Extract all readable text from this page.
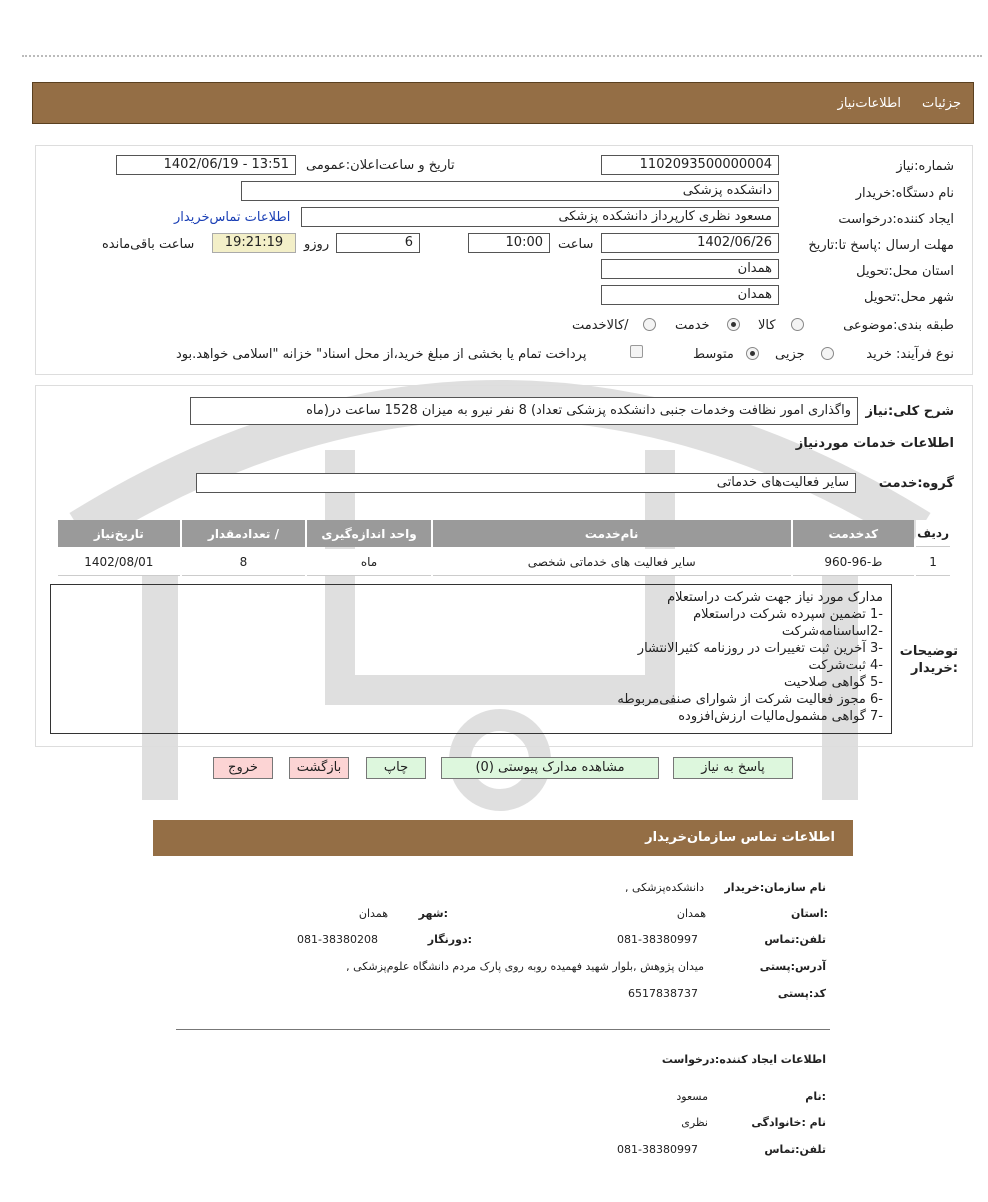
جزئیات
اطلاعات‌نیاز
شماره:نیاز
1102093500000004
تاریخ و ساعت‌اعلان:عمومی
1402/06/19 - 13:51
نام دستگاه:خریدار
دانشکده پزشکی
ایجاد کننده:درخواست
مسعود نظری کارپرداز دانشکده پزشکی
اطلاعات تماس‌خریدار
مهلت ارسال :پاسخ تا:تاریخ
1402/06/26
ساعت
10:00
6
روزو
19:21:19
ساعت باقی‌مانده
استان محل:تحویل
همدان
شهر محل:تحویل
همدان
طبقه بندی:موضوعی
کالا
خدمت
/کالاخدمت
نوع فرآیند: خرید
جزیی
متوسط
پرداخت تمام یا بخشی از مبلغ خرید،از محل اسناد" خزانه "اسلامی خواهد.بود
شرح کلی:نیاز
واگذاری امور نظافت وخدمات جنبی دانشکده پزشکی تعداد) 8 نفر نیرو به میزان 1528 ساعت در(ماه
اطلاعات خدمات موردنیاز
گروه:خدمت
سایر فعالیت‌های خدماتی
ردیف	کدخدمت	نام‌خدمت	واحد اندازه‌گیری	/ تعدادمقدار	تاریخ‌نیاز
1	ط-96-960	سایر فعالیت های خدماتی شخصی	ماه	8	1402/08/01
توضیحات :خریدار
مدارک مورد نیاز جهت شرکت دراستعلام
-1 تضمین سپرده شرکت دراستعلام
-2اساسنامه‌شرکت
-3 آخرین ثبت تغییرات در روزنامه کثیرالانتشار
-4 ثبت‌شرکت
-5 گواهی صلاحیت
-6 مجوز فعالیت شرکت از شوارای صنفی‌مربوطه
-7 گواهی مشمول‌مالیات ارزش‌افزوده
پاسخ به نیاز
مشاهده مدارک پیوستی (0)
چاپ
بازگشت
خروج
اطلاعات تماس سازمان‌خریدار
نام سازمان:خریدار
دانشکده‌پزشکی ,
:استان
همدان
:شهر
همدان
تلفن:تماس
081-38380997
:دورنگار
081-38380208
آدرس:پستی
میدان پژوهش ,بلوار شهید فهمیده روبه روی پارک مردم دانشگاه علوم‌پزشکی ,
کد:پستی
6517838737
اطلاعات ایجاد کننده:درخواست
:نام
مسعود
نام :خانوادگی
نظری
تلفن:تماس
081-38380997
